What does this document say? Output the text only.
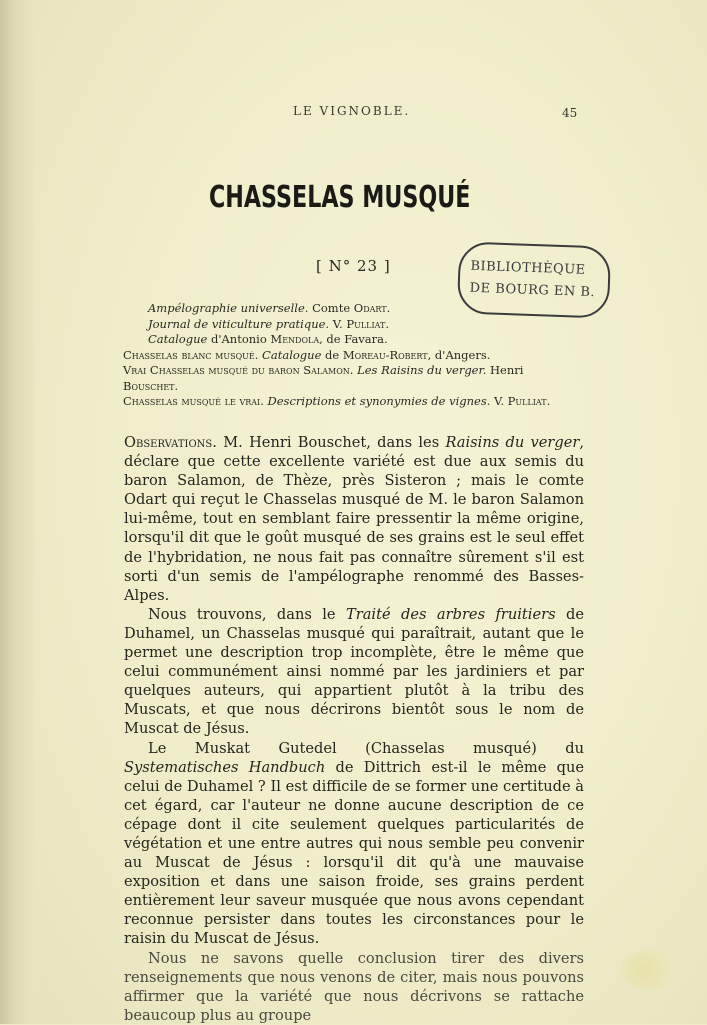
LE VIGNOBLE.	45
CHASSELAS MUSQUÉ
[ N° 23 ]	BIBLIOTHÈQUE
DE BOURG EN B.
Ampélographie universelle. Comte Odart.
Journal de viticulture pratique. V. Pulliat.
Catalogue d'Antonio Mendola, de Favara.
Chasselas blanc musqué. Catalogue de Moreau-Robert, d'Angers.
Vrai Chasselas musqué du baron Salamon. Les Raisins du verger. Henri
Bouschet.
Chasselas musqué le vrai. Descriptions et synonymies de vignes. V. Pulliat.

Observations. M. Henri Bouschet, dans les Raisins du verger, déclare que cette excellente variété est due aux semis du baron Salamon, de Thèze, près Sisteron ; mais le comte Odart qui reçut le Chasselas musqué de M. le baron Salamon lui-même, tout en semblant faire pressentir la même origine, lorsqu'il dit que le goût musqué de ses grains est le seul effet de l'hybridation, ne nous fait pas connaître sûrement s'il est sorti d'un semis de l'ampélographe renommé des Basses-Alpes.

Nous trouvons, dans le Traité des arbres fruitiers de Duhamel, un Chasselas musqué qui paraîtrait, autant que le permet une description trop incomplète, être le même que celui communément ainsi nommé par les jardiniers et par quelques auteurs, qui appartient plutôt à la tribu des Muscats, et que nous décrirons bientôt sous le nom de Muscat de Jésus.

Le Muskat Gutedel (Chasselas musqué) du Systematisches Handbuch de Dittrich est-il le même que celui de Duhamel ? Il est difficile de se former une certitude à cet égard, car l'auteur ne donne aucune description de ce cépage dont il cite seulement quelques particularités de végétation et une entre autres qui nous semble peu convenir au Muscat de Jésus : lorsqu'il dit qu'à une mauvaise exposition et dans une saison froide, ses grains perdent entièrement leur saveur musquée que nous avons cependant reconnue persister dans toutes les circonstances pour le raisin du Muscat de Jésus.

Nous ne savons quelle conclusion tirer des divers renseignements que nous venons de citer, mais nous pouvons affirmer que la variété que nous décrivons se rattache beaucoup plus au groupe
